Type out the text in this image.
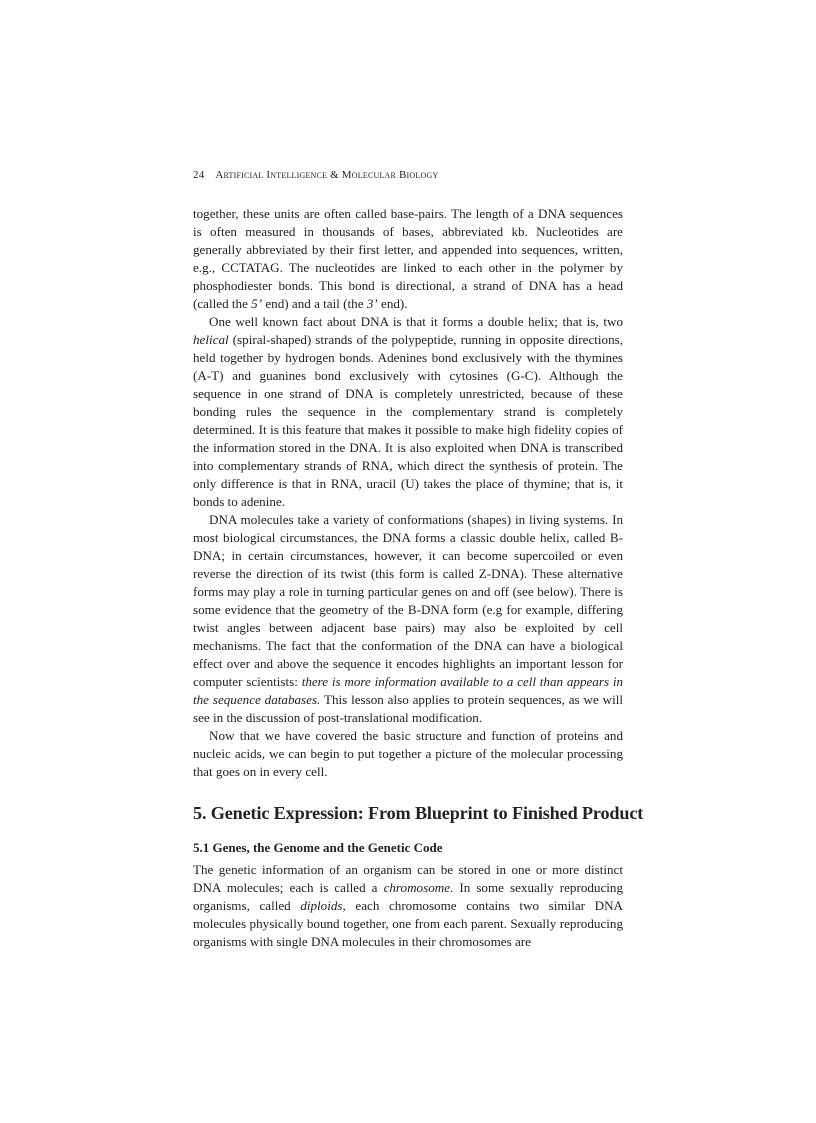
24 Artificial Intelligence & Molecular Biology

together, these units are often called base-pairs. The length of a DNA sequences is often measured in thousands of bases, abbreviated kb. Nucleotides are generally abbreviated by their first letter, and appended into sequences, written, e.g., CCTATAG. The nucleotides are linked to each other in the polymer by phosphodiester bonds. This bond is directional, a strand of DNA has a head (called the 5’ end) and a tail (the 3’ end).

One well known fact about DNA is that it forms a double helix; that is, two helical (spiral-shaped) strands of the polypeptide, running in opposite directions, held together by hydrogen bonds. Adenines bond exclusively with the thymines (A-T) and guanines bond exclusively with cytosines (G-C). Although the sequence in one strand of DNA is completely unrestricted, because of these bonding rules the sequence in the complementary strand is completely determined. It is this feature that makes it possible to make high fidelity copies of the information stored in the DNA. It is also exploited when DNA is transcribed into complementary strands of RNA, which direct the synthesis of protein. The only difference is that in RNA, uracil (U) takes the place of thymine; that is, it bonds to adenine.

DNA molecules take a variety of conformations (shapes) in living systems. In most biological circumstances, the DNA forms a classic double helix, called B-DNA; in certain circumstances, however, it can become supercoiled or even reverse the direction of its twist (this form is called Z-DNA). These alternative forms may play a role in turning particular genes on and off (see below). There is some evidence that the geometry of the B-DNA form (e.g for example, differing twist angles between adjacent base pairs) may also be exploited by cell mechanisms. The fact that the conformation of the DNA can have a biological effect over and above the sequence it encodes highlights an important lesson for computer scientists: there is more information available to a cell than appears in the sequence databases. This lesson also applies to protein sequences, as we will see in the discussion of post-translational modification.

Now that we have covered the basic structure and function of proteins and nucleic acids, we can begin to put together a picture of the molecular processing that goes on in every cell.

5. Genetic Expression: From Blueprint to Finished Product
5.1 Genes, the Genome and the Genetic Code

The genetic information of an organism can be stored in one or more distinct DNA molecules; each is called a chromosome. In some sexually reproducing organisms, called diploids, each chromosome contains two similar DNA molecules physically bound together, one from each parent. Sexually reproducing organisms with single DNA molecules in their chromosomes are
